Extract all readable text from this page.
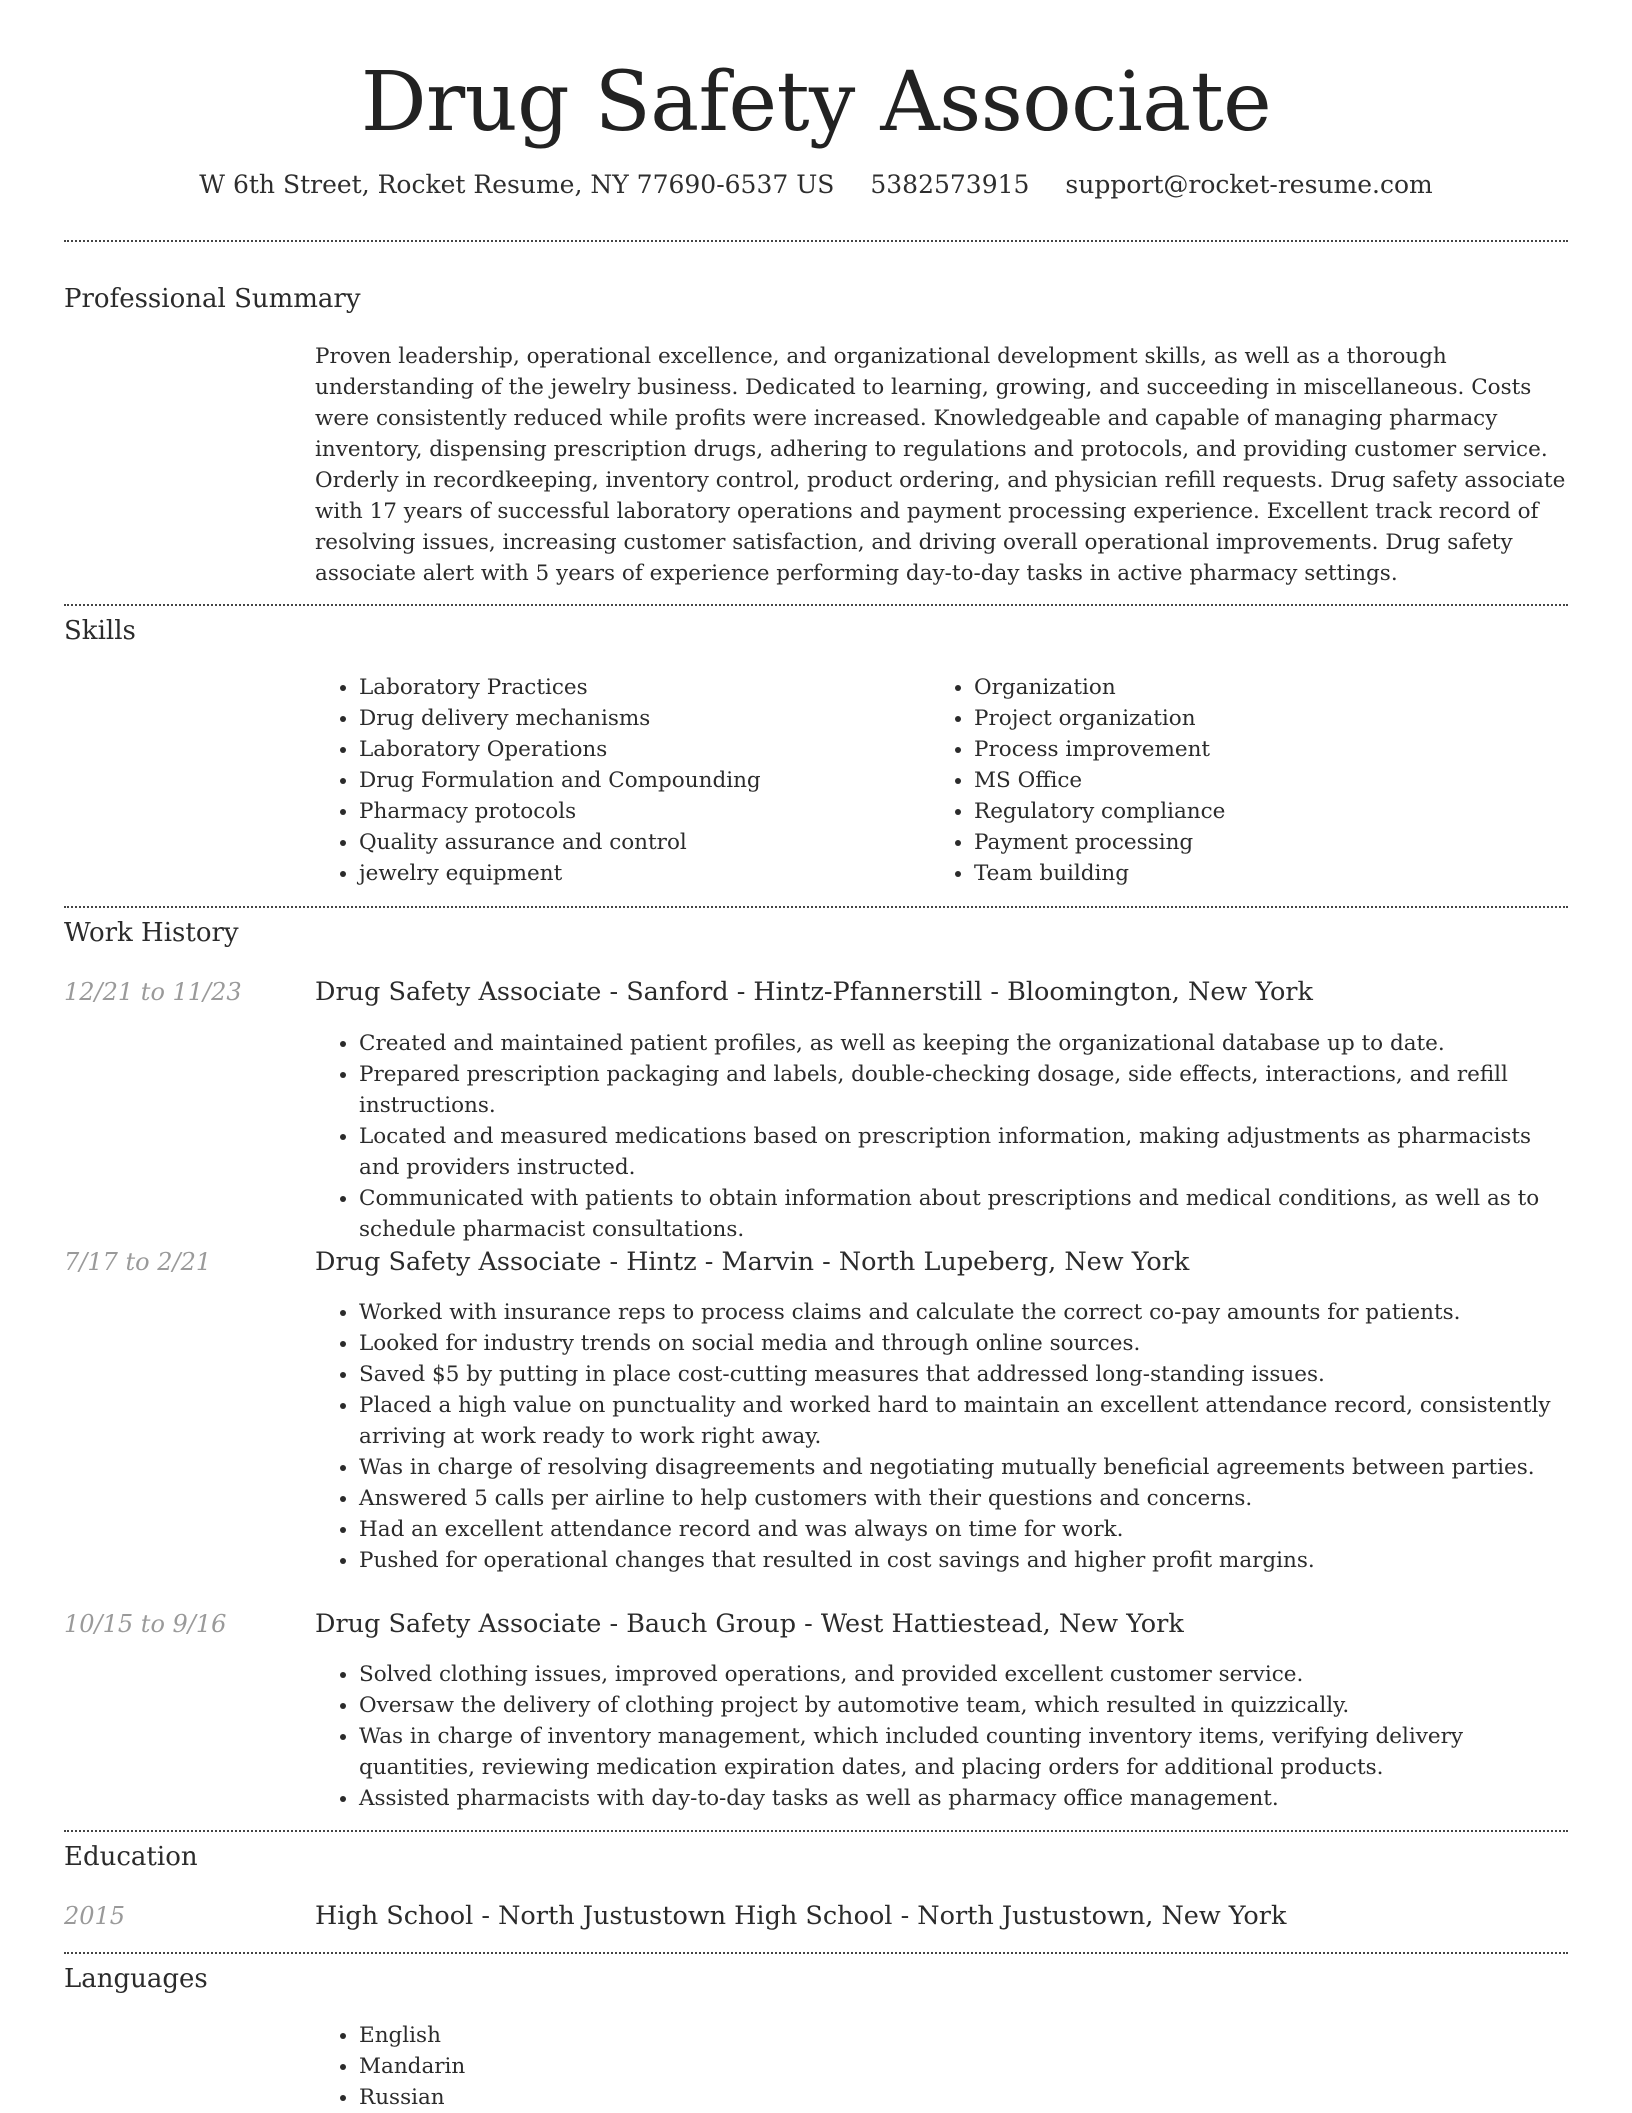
Drug Safety Associate
W 6th Street, Rocket Resume, NY 77690-6537 US 5382573915 support@rocket-resume.com
Professional Summary

Proven leadership, operational excellence, and organizational development skills, as well as a thorough understanding of the jewelry business. Dedicated to learning, growing, and succeeding in miscellaneous. Costs were consistently reduced while profits were increased. Knowledgeable and capable of managing pharmacy inventory, dispensing prescription drugs, adhering to regulations and protocols, and providing customer service. Orderly in recordkeeping, inventory control, product ordering, and physician refill requests. Drug safety associate with 17 years of successful laboratory operations and payment processing experience. Excellent track record of resolving issues, increasing customer satisfaction, and driving overall operational improvements. Drug safety associate alert with 5 years of experience performing day-to-day tasks in active pharmacy settings.

Skills
• Laboratory Practices
• Drug delivery mechanisms
• Laboratory Operations
• Drug Formulation and Compounding
• Pharmacy protocols
• Quality assurance and control
• jewelry equipment
• Organization
• Project organization
• Process improvement
• MS Office
• Regulatory compliance
• Payment processing
• Team building
Work History
12/21 to 11/23	Drug Safety Associate - Sanford - Hintz-Pfannerstill - Bloomington, New York
• Created and maintained patient profiles, as well as keeping the organizational database up to date.
• Prepared prescription packaging and labels, double-checking dosage, side effects, interactions, and refill instructions.
• Located and measured medications based on prescription information, making adjustments as pharmacists and providers instructed.
• Communicated with patients to obtain information about prescriptions and medical conditions, as well as to schedule pharmacist consultations.
7/17 to 2/21	Drug Safety Associate - Hintz - Marvin - North Lupeberg, New York
• Worked with insurance reps to process claims and calculate the correct co-pay amounts for patients.
• Looked for industry trends on social media and through online sources.
• Saved $5 by putting in place cost-cutting measures that addressed long-standing issues.
• Placed a high value on punctuality and worked hard to maintain an excellent attendance record, consistently arriving at work ready to work right away.
• Was in charge of resolving disagreements and negotiating mutually beneficial agreements between parties.
• Answered 5 calls per airline to help customers with their questions and concerns.
• Had an excellent attendance record and was always on time for work.
• Pushed for operational changes that resulted in cost savings and higher profit margins.
10/15 to 9/16	Drug Safety Associate - Bauch Group - West Hattiestead, New York
• Solved clothing issues, improved operations, and provided excellent customer service.
• Oversaw the delivery of clothing project by automotive team, which resulted in quizzically.
• Was in charge of inventory management, which included counting inventory items, verifying delivery quantities, reviewing medication expiration dates, and placing orders for additional products.
• Assisted pharmacists with day-to-day tasks as well as pharmacy office management.
Education
2015	High School - North Justustown High School - North Justustown, New York
Languages
• English
• Mandarin
• Russian
